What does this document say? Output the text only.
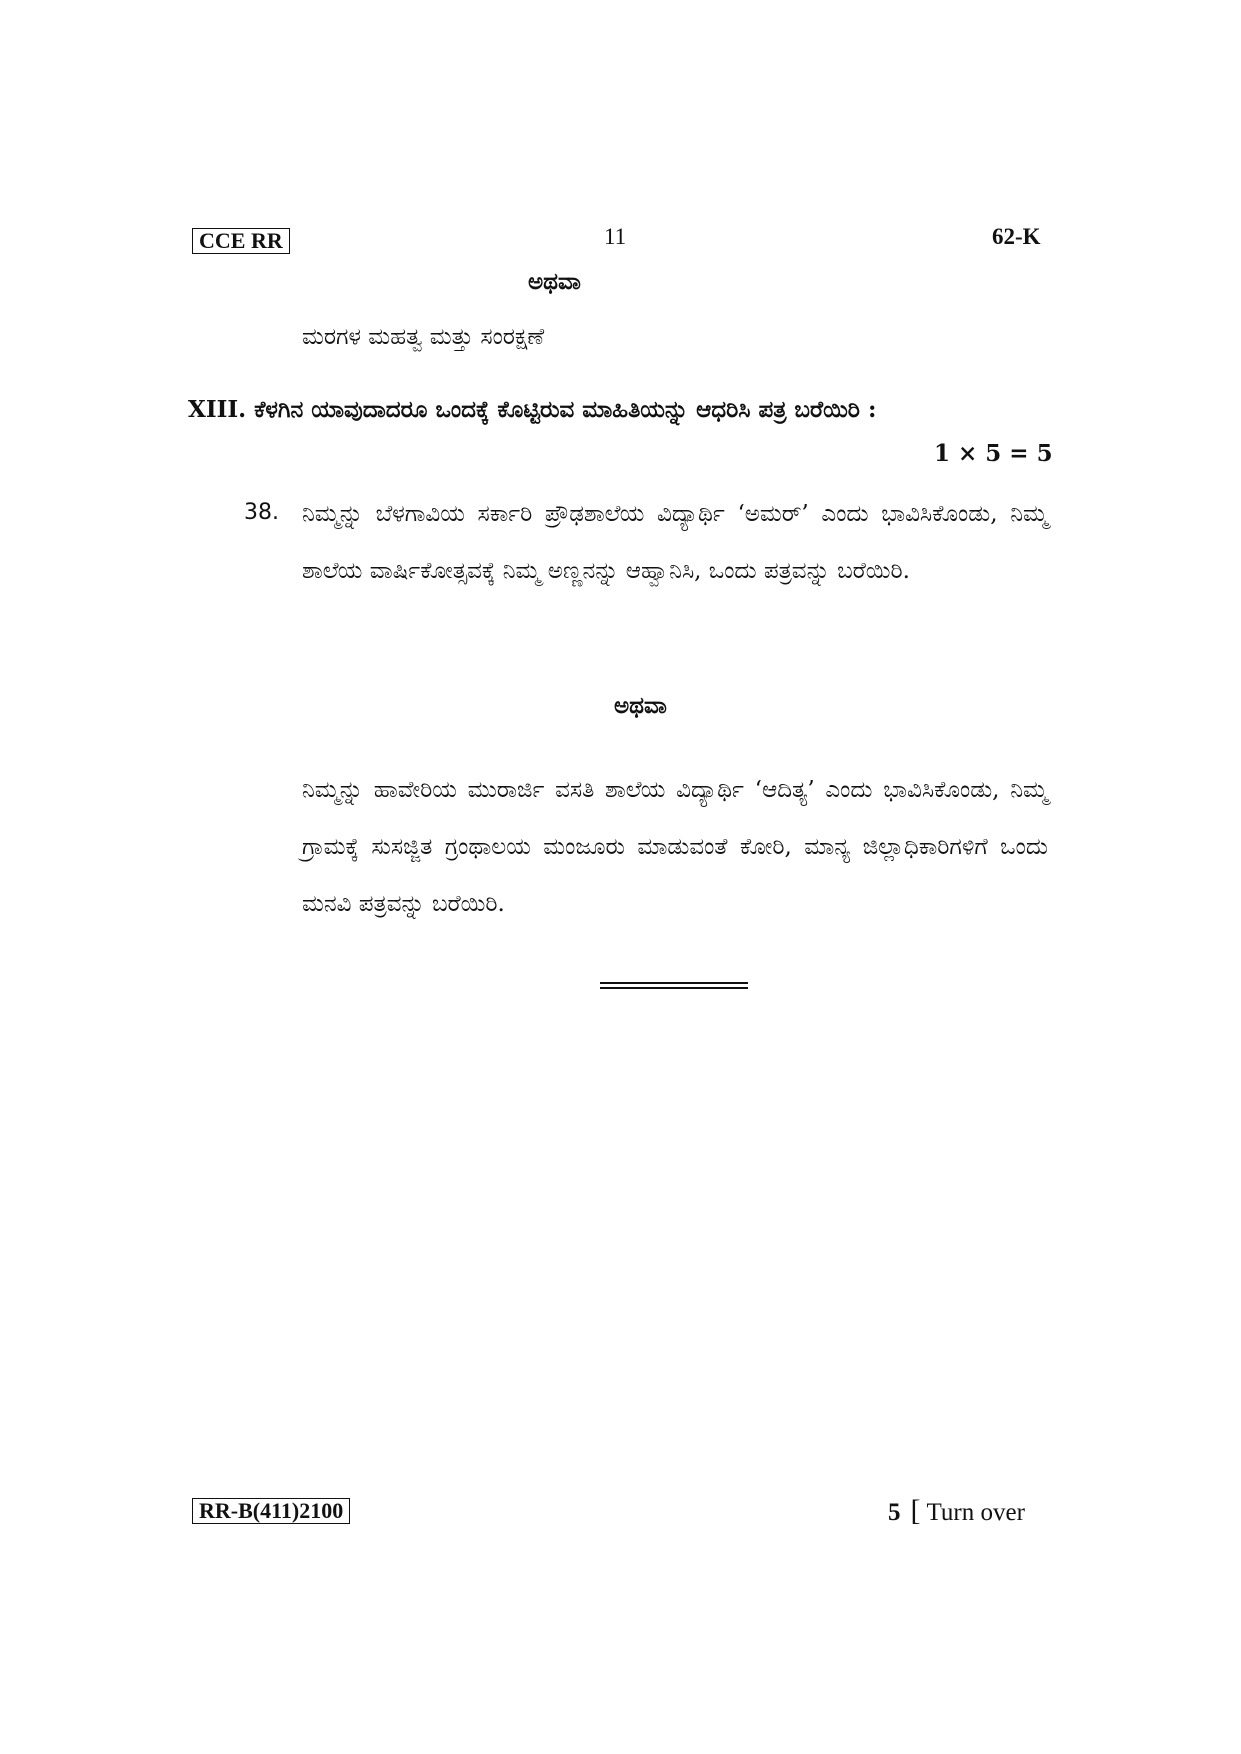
CCE RR	11	62-K
ಅಥವಾ
ಮರಗಳ ಮಹತ್ವ ಮತ್ತು ಸಂರಕ್ಷಣೆ
XIII. ಕೆಳಗಿನ ಯಾವುದಾದರೂ ಒಂದಕ್ಕೆ ಕೊಟ್ಟಿರುವ ಮಾಹಿತಿಯನ್ನು ಆಧರಿಸಿ ಪತ್ರ ಬರೆಯಿರಿ :
1 × 5 = 5
38. ನಿಮ್ಮನ್ನು ಬೆಳಗಾವಿಯ ಸರ್ಕಾರಿ ಪ್ರೌಢಶಾಲೆಯ ವಿದ್ಯಾರ್ಥಿ ‘ಅಮರ್’ ಎಂದು ಭಾವಿಸಿಕೊಂಡು, ನಿಮ್ಮ ಶಾಲೆಯ ವಾರ್ಷಿಕೋತ್ಸವಕ್ಕೆ ನಿಮ್ಮ ಅಣ್ಣನನ್ನು ಆಹ್ವಾನಿಸಿ, ಒಂದು ಪತ್ರವನ್ನು ಬರೆಯಿರಿ.
ಅಥವಾ
ನಿಮ್ಮನ್ನು ಹಾವೇರಿಯ ಮುರಾರ್ಜಿ ವಸತಿ ಶಾಲೆಯ ವಿದ್ಯಾರ್ಥಿ ‘ಆದಿತ್ಯ’ ಎಂದು ಭಾವಿಸಿಕೊಂಡು, ನಿಮ್ಮ ಗ್ರಾಮಕ್ಕೆ ಸುಸಜ್ಜಿತ ಗ್ರಂಥಾಲಯ ಮಂಜೂರು ಮಾಡುವಂತೆ ಕೋರಿ, ಮಾನ್ಯ ಜಿಲ್ಲಾಧಿಕಾರಿಗಳಿಗೆ ಒಂದು ಮನವಿ ಪತ್ರವನ್ನು ಬರೆಯಿರಿ.
RR-B(411)2100	5 [ Turn over
